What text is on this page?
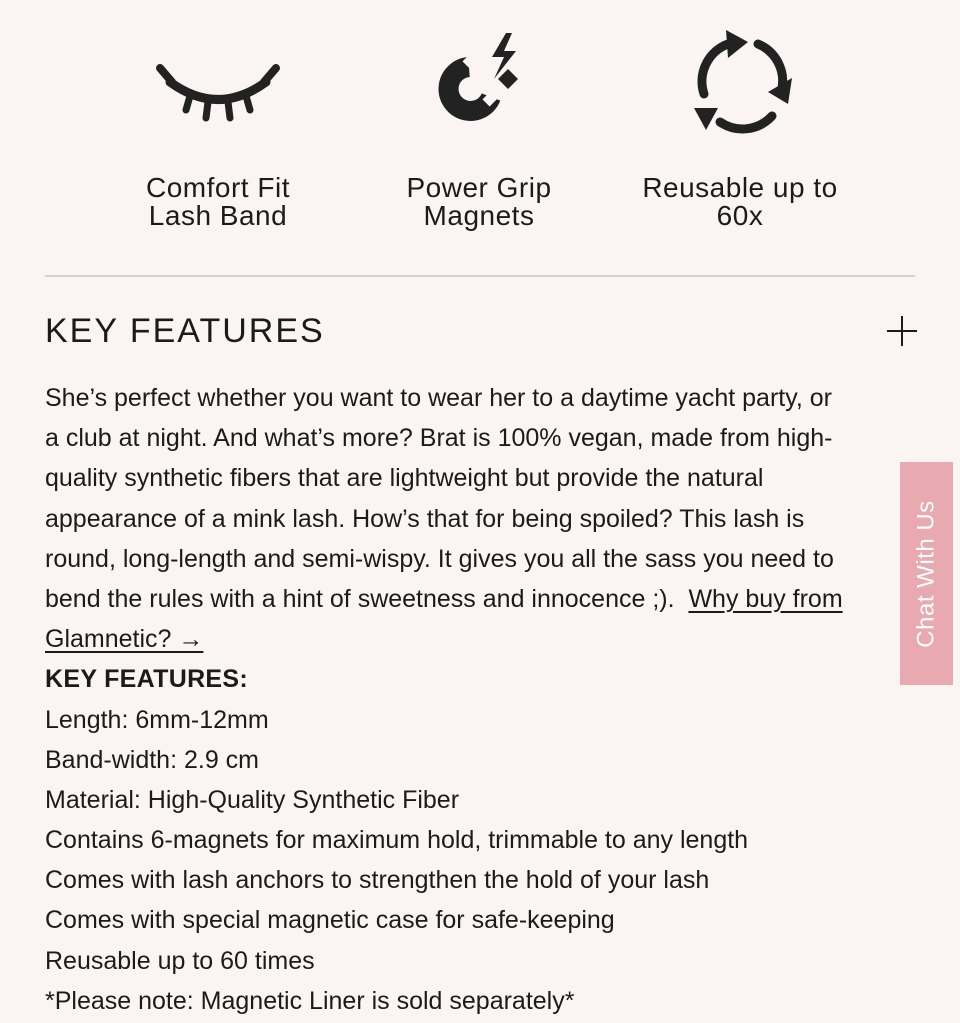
Comfort Fit Lash Band
Power Grip Magnets
Reusable up to 60x
KEY FEATURES
She’s perfect whether you want to wear her to a daytime yacht party, or
a club at night. And what’s more? Brat is 100% vegan, made from high-
quality synthetic fibers that are lightweight but provide the natural
appearance of a mink lash. How’s that for being spoiled? This lash is
round, long-length and semi-wispy. It gives you all the sass you need to
bend the rules with a hint of sweetness and innocence ;).  Why buy from
Glamnetic? →
KEY FEATURES:
Length: 6mm-12mm
Band-width: 2.9 cm
Material: High-Quality Synthetic Fiber
Contains 6-magnets for maximum hold, trimmable to any length
Comes with lash anchors to strengthen the hold of your lash
Comes with special magnetic case for safe-keeping
Reusable up to 60 times
*Please note: Magnetic Liner is sold separately*
Chat With Us
